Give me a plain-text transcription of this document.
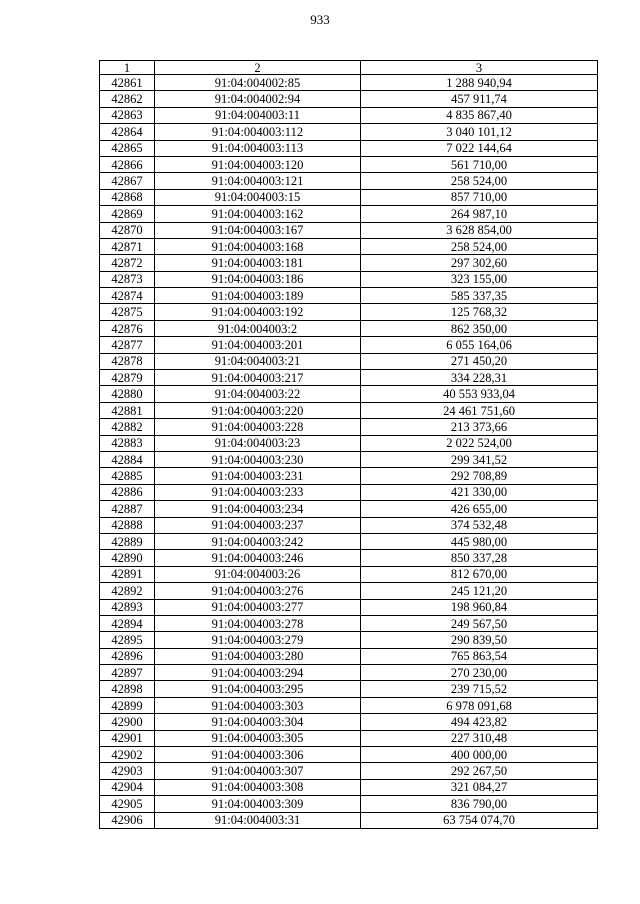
933
1	2	3
42861	91:04:004002:85	1 288 940,94
42862	91:04:004002:94	457 911,74
42863	91:04:004003:11	4 835 867,40
42864	91:04:004003:112	3 040 101,12
42865	91:04:004003:113	7 022 144,64
42866	91:04:004003:120	561 710,00
42867	91:04:004003:121	258 524,00
42868	91:04:004003:15	857 710,00
42869	91:04:004003:162	264 987,10
42870	91:04:004003:167	3 628 854,00
42871	91:04:004003:168	258 524,00
42872	91:04:004003:181	297 302,60
42873	91:04:004003:186	323 155,00
42874	91:04:004003:189	585 337,35
42875	91:04:004003:192	125 768,32
42876	91:04:004003:2	862 350,00
42877	91:04:004003:201	6 055 164,06
42878	91:04:004003:21	271 450,20
42879	91:04:004003:217	334 228,31
42880	91:04:004003:22	40 553 933,04
42881	91:04:004003:220	24 461 751,60
42882	91:04:004003:228	213 373,66
42883	91:04:004003:23	2 022 524,00
42884	91:04:004003:230	299 341,52
42885	91:04:004003:231	292 708,89
42886	91:04:004003:233	421 330,00
42887	91:04:004003:234	426 655,00
42888	91:04:004003:237	374 532,48
42889	91:04:004003:242	445 980,00
42890	91:04:004003:246	850 337,28
42891	91:04:004003:26	812 670,00
42892	91:04:004003:276	245 121,20
42893	91:04:004003:277	198 960,84
42894	91:04:004003:278	249 567,50
42895	91:04:004003:279	290 839,50
42896	91:04:004003:280	765 863,54
42897	91:04:004003:294	270 230,00
42898	91:04:004003:295	239 715,52
42899	91:04:004003:303	6 978 091,68
42900	91:04:004003:304	494 423,82
42901	91:04:004003:305	227 310,48
42902	91:04:004003:306	400 000,00
42903	91:04:004003:307	292 267,50
42904	91:04:004003:308	321 084,27
42905	91:04:004003:309	836 790,00
42906	91:04:004003:31	63 754 074,70
